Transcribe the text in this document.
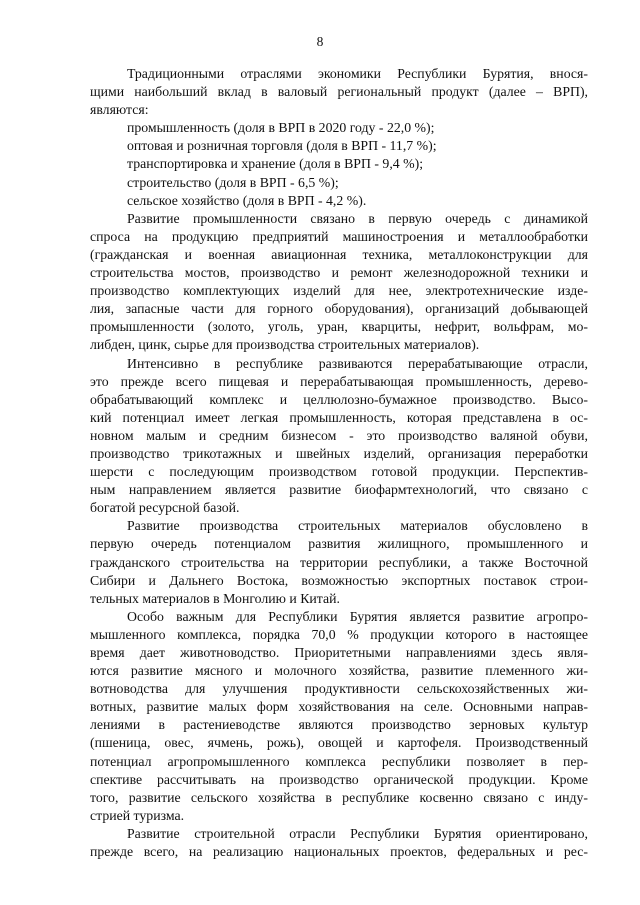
8
Традиционными отраслями экономики Республики Бурятия, внося-
щими наибольший вклад в валовый региональный продукт (далее – ВРП),
являются:
промышленность (доля в ВРП в 2020 году - 22,0 %);
оптовая и розничная торговля (доля в ВРП - 11,7 %);
транспортировка и хранение (доля в ВРП - 9,4 %);
строительство (доля в ВРП - 6,5 %);
сельское хозяйство (доля в ВРП - 4,2 %).
Развитие промышленности связано в первую очередь с динамикой
спроса на продукцию предприятий машиностроения и металлообработки
(гражданская и военная авиационная техника, металлоконструкции для
строительства мостов, производство и ремонт железнодорожной техники и
производство комплектующих изделий для нее, электротехнические изде-
лия, запасные части для горного оборудования), организаций добывающей
промышленности (золото, уголь, уран, кварциты, нефрит, вольфрам, мо-
либден, цинк, сырье для производства строительных материалов).
Интенсивно в республике развиваются перерабатывающие отрасли,
это прежде всего пищевая и перерабатывающая промышленность, дерево-
обрабатывающий комплекс и целлюлозно-бумажное производство. Высо-
кий потенциал имеет легкая промышленность, которая представлена в ос-
новном малым и средним бизнесом - это производство валяной обуви,
производство трикотажных и швейных изделий, организация переработки
шерсти с последующим производством готовой продукции. Перспектив-
ным направлением является развитие биофармтехнологий, что связано с
богатой ресурсной базой.
Развитие производства строительных материалов обусловлено в
первую очередь потенциалом развития жилищного, промышленного и
гражданского строительства на территории республики, а также Восточной
Сибири и Дальнего Востока, возможностью экспортных поставок строи-
тельных материалов в Монголию и Китай.
Особо важным для Республики Бурятия является развитие агропро-
мышленного комплекса, порядка 70,0 % продукции которого в настоящее
время дает животноводство. Приоритетными направлениями здесь явля-
ются развитие мясного и молочного хозяйства, развитие племенного жи-
вотноводства для улучшения продуктивности сельскохозяйственных жи-
вотных, развитие малых форм хозяйствования на селе. Основными направ-
лениями в растениеводстве являются производство зерновых культур
(пшеница, овес, ячмень, рожь), овощей и картофеля. Производственный
потенциал агропромышленного комплекса республики позволяет в пер-
спективе рассчитывать на производство органической продукции. Кроме
того, развитие сельского хозяйства в республике косвенно связано с инду-
стрией туризма.
Развитие строительной отрасли Республики Бурятия ориентировано,
прежде всего, на реализацию национальных проектов, федеральных и рес-
